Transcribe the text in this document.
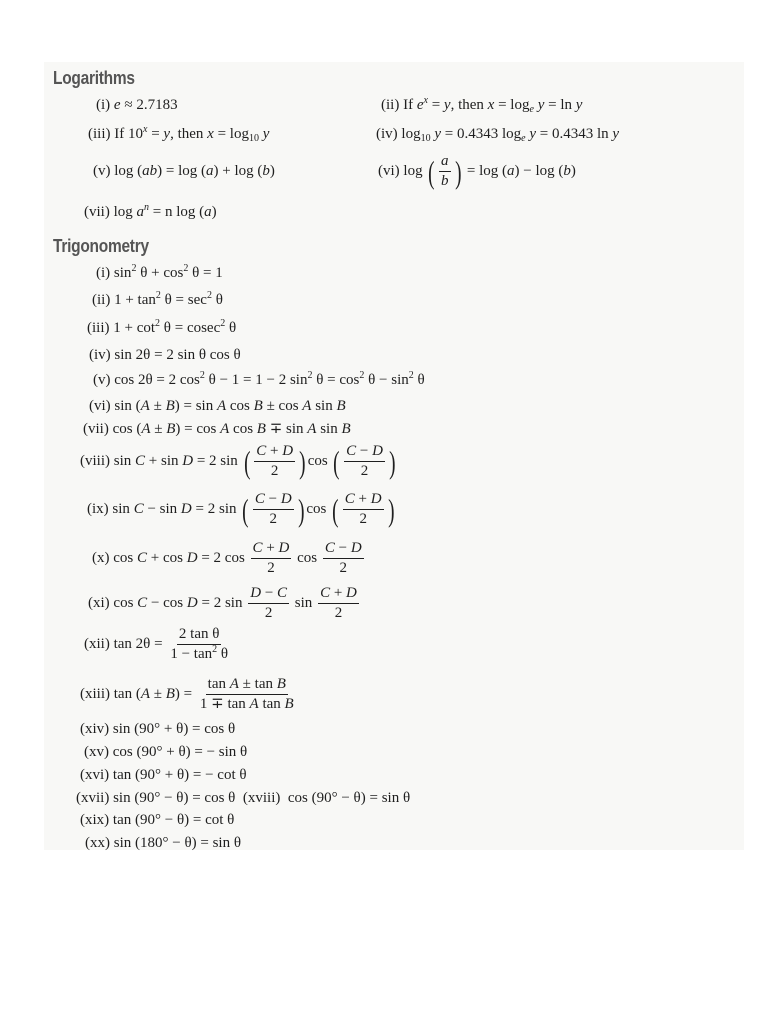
Logarithms
Trigonometry
(i) e ≈ 2.7183	(ii) If $e^x = y$, then $x = \log_e y = \ln y$
(iii) If $10^x = y$, then $x = \log_{10} y$	(iv) $\log_{10} y = 0.4343$ $\log_e y = 0.4343$ ln y
(v) log (ab) = log (a) + log (b)	(vi) log ( $\frac{a}{b}$ ) = log (a) − log (b)
(vii) $\log a^n = n$ log (a)
(i) $\sin^2 \theta + \cos^2 \theta = 1$
(ii) $1 + \tan^2 \theta = \sec^2 \theta$
(iii) $1 + \cot^2 \theta = cosec^2$ θ
(iv) sin 2θ = 2 sin θ cos θ
(v) cos 2θ = 2 $\cos^2 \theta - 1 = 1 - 2$ $\sin^2 \theta = \cos^2 \theta - \sin^2 \theta$
(vi) sin (A ± B) = sin A cos B ± cos A sin B
(vii) cos (A ± B) = cos A cos B ∓ sin A sin B
(viii) sin C + sin D = 2 sin ( $\frac{C + D}{2}$ ) cos ( $\frac{C - D}{2}$ )
(ix) sin C − sin D = 2 sin ( $\frac{C - D}{2}$ ) cos ( $\frac{C + D}{2}$ )
(x) cos C + cos D = 2 $\cos \frac{C + D}{2}$ $\cos \frac{C - D}{2}$
(xi) cos C − cos D = 2 $\sin \frac{D - C}{2}$ $\sin \frac{C + D}{2}$
(xii) $\tan 2\theta = \frac{\text{2 tan θ}}{1 - \tan^2 \theta}$
(xiii) $\tan (A \pm B) = \frac{\text{tan A ± tan B}}{\text{1 ∓ tan A tan B}}$
(xiv) sin (90° + θ) = cos θ
(xv) cos (90° + θ) = − sin θ
(xvi) tan (90° + θ) = − cot θ
(xvii) sin (90° − θ) = cos θ  (xviii)  cos (90° − θ) = sin θ
(xix) tan (90° − θ) = cot θ
(xx) sin (180° − θ) = sin θ
